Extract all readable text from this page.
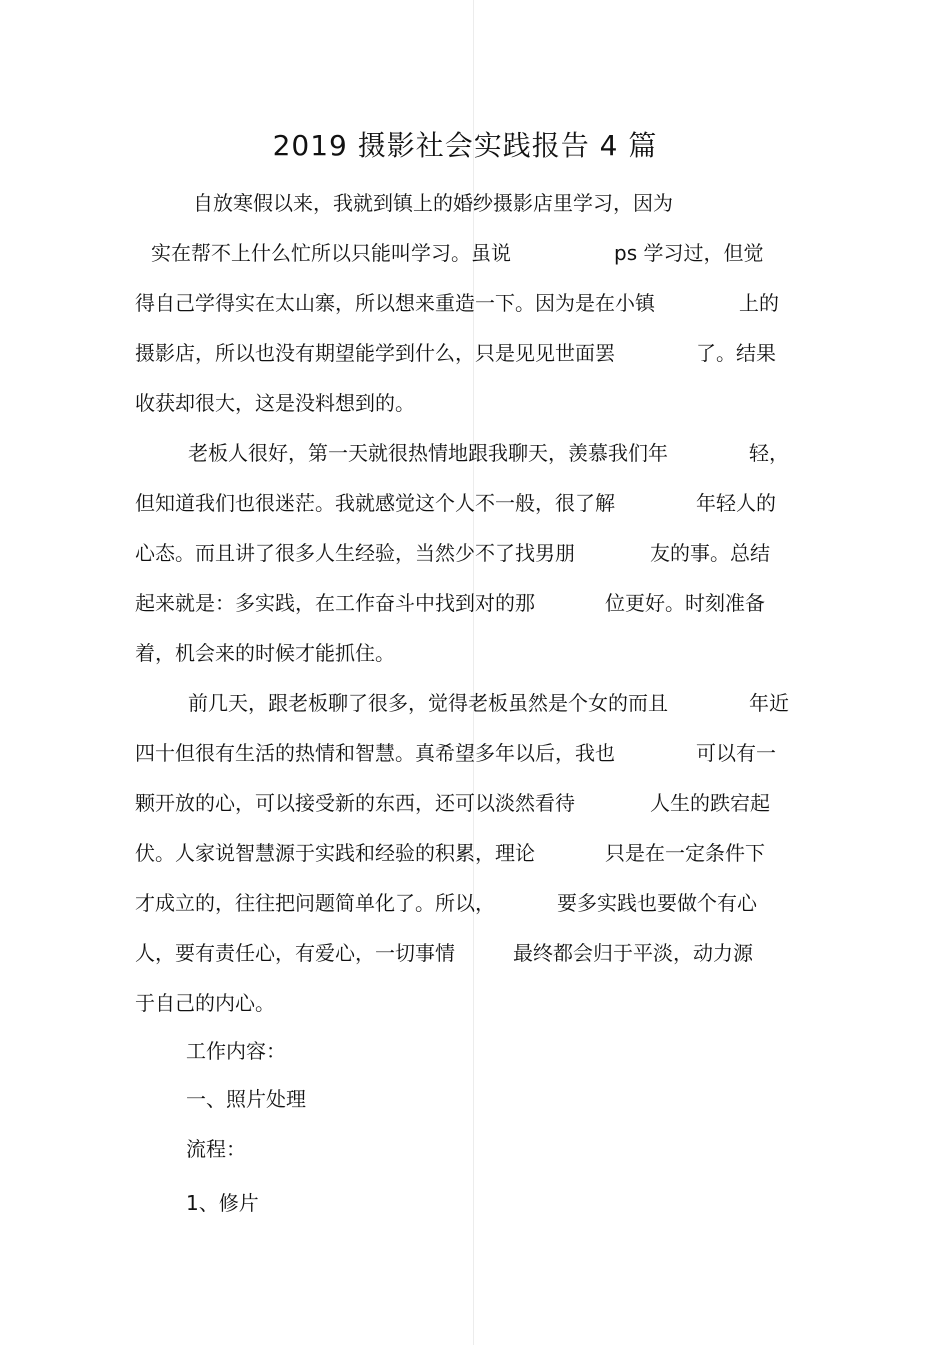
2019 摄影社会实践报告 4 篇
自放寒假以来，我就到镇上的婚纱摄影店里学习，因为
实在帮不上什么忙所以只能叫学习。虽说	ps 学习过，但觉
得自己学得实在太山寨，所以想来重造一下。因为是在小镇	上的
摄影店，所以也没有期望能学到什么，只是见见世面罢	了。结果
收获却很大，这是没料想到的。
老板人很好，第一天就很热情地跟我聊天，羡慕我们年	轻，
但知道我们也很迷茫。我就感觉这个人不一般，很了解	年轻人的
心态。而且讲了很多人生经验，当然少不了找男朋	友的事。总结
起来就是：多实践，在工作奋斗中找到对的那	位更好。时刻准备
着，机会来的时候才能抓住。
前几天，跟老板聊了很多，觉得老板虽然是个女的而且	年近
四十但很有生活的热情和智慧。真希望多年以后，我也	可以有一
颗开放的心，可以接受新的东西，还可以淡然看待	人生的跌宕起
伏。人家说智慧源于实践和经验的积累，理论	只是在一定条件下
才成立的，往往把问题简单化了。所以，	要多实践也要做个有心
人，要有责任心，有爱心，一切事情	最终都会归于平淡，动力源
于自己的内心。
工作内容：
一、照片处理
流程：
1、修片
